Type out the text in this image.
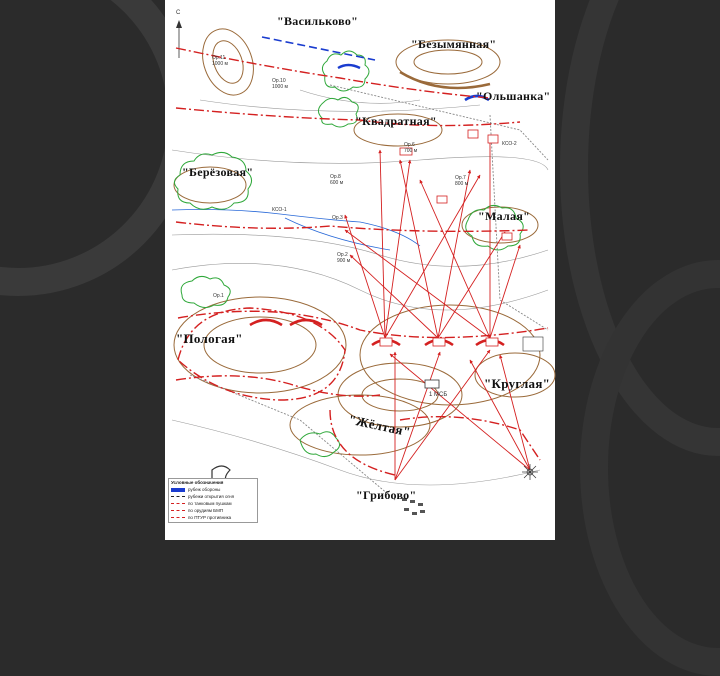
С
"Васильково"
"Безымянная"
"Ольшанка"
"Квадратная"
"Берёзовая"
"Малая"
"Пологая"
"Круглая"
"Жёлтая"
"Грибово"
Ор.11
1000 м
Ор.10
1000 м
Ор.8
600 м
Ор.7
800 м
Ор.6
700 м
Ор.3
Ор.2
900 м
Ор.1
КСО-1
КСО-2
1 МСБ
Условные обозначения
рубеж обороны
рубежи открытия огня
по танковым пушкам
по орудиям БМП
по ПТУР противника
